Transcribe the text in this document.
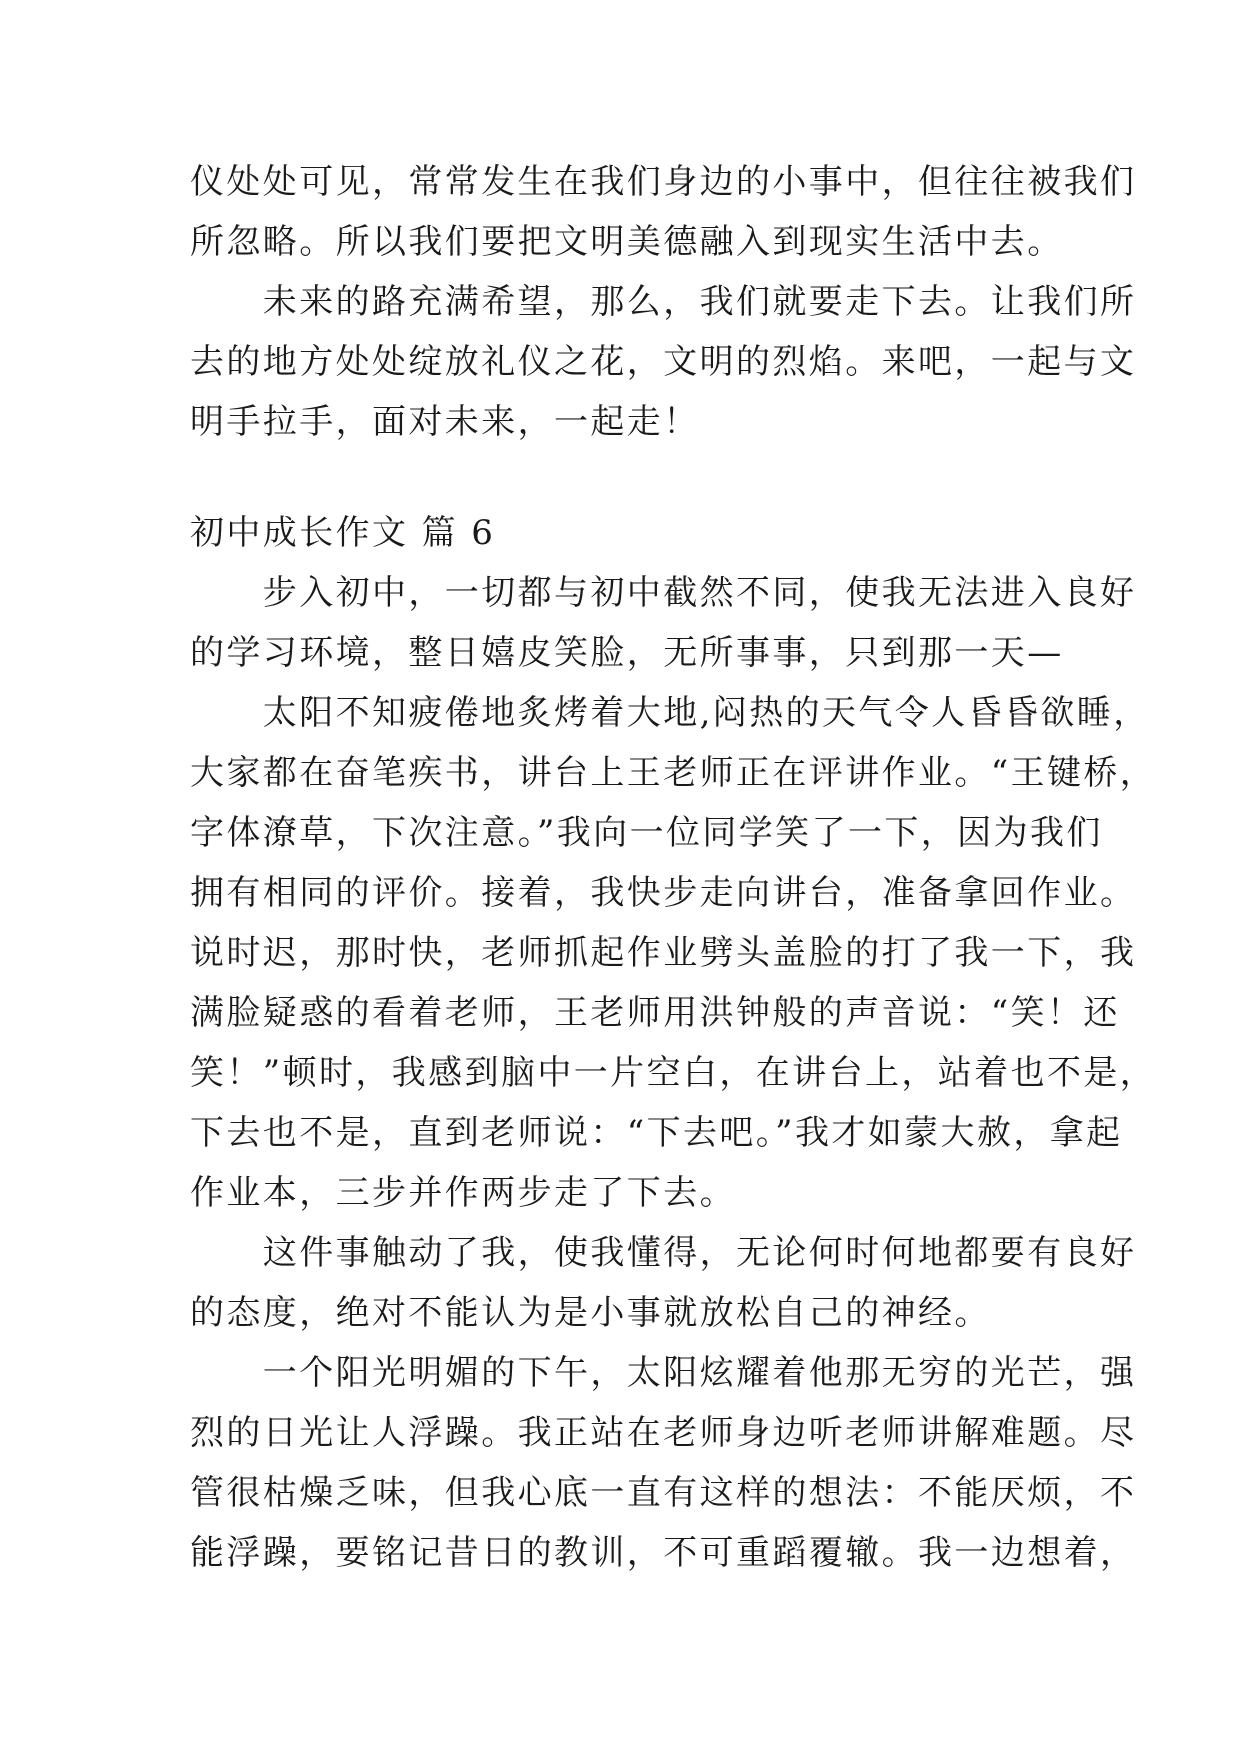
仪处处可见，常常发生在我们身边的小事中，但往往被我们
所忽略。所以我们要把文明美德融入到现实生活中去。
　　未来的路充满希望，那么，我们就要走下去。让我们所
去的地方处处绽放礼仪之花，文明的烈焰。来吧，一起与文
明手拉手，面对未来，一起走！
初中成长作文 篇 6
　　步入初中，一切都与初中截然不同，使我无法进入良好
的学习环境，整日嬉皮笑脸，无所事事，只到那一天—
　　太阳不知疲倦地炙烤着大地,闷热的天气令人昏昏欲睡，
大家都在奋笔疾书，讲台上王老师正在评讲作业。“王键桥，
字体潦草，下次注意。”我向一位同学笑了一下，因为我们
拥有相同的评价。接着，我快步走向讲台，准备拿回作业。
说时迟，那时快，老师抓起作业劈头盖脸的打了我一下，我
满脸疑惑的看着老师，王老师用洪钟般的声音说：“笑！还
笑！”顿时，我感到脑中一片空白，在讲台上，站着也不是，
下去也不是，直到老师说：“下去吧。”我才如蒙大赦，拿起
作业本，三步并作两步走了下去。
　　这件事触动了我，使我懂得，无论何时何地都要有良好
的态度，绝对不能认为是小事就放松自己的神经。
　　一个阳光明媚的下午，太阳炫耀着他那无穷的光芒，强
烈的日光让人浮躁。我正站在老师身边听老师讲解难题。尽
管很枯燥乏味，但我心底一直有这样的想法：不能厌烦，不
能浮躁，要铭记昔日的教训，不可重蹈覆辙。我一边想着，
